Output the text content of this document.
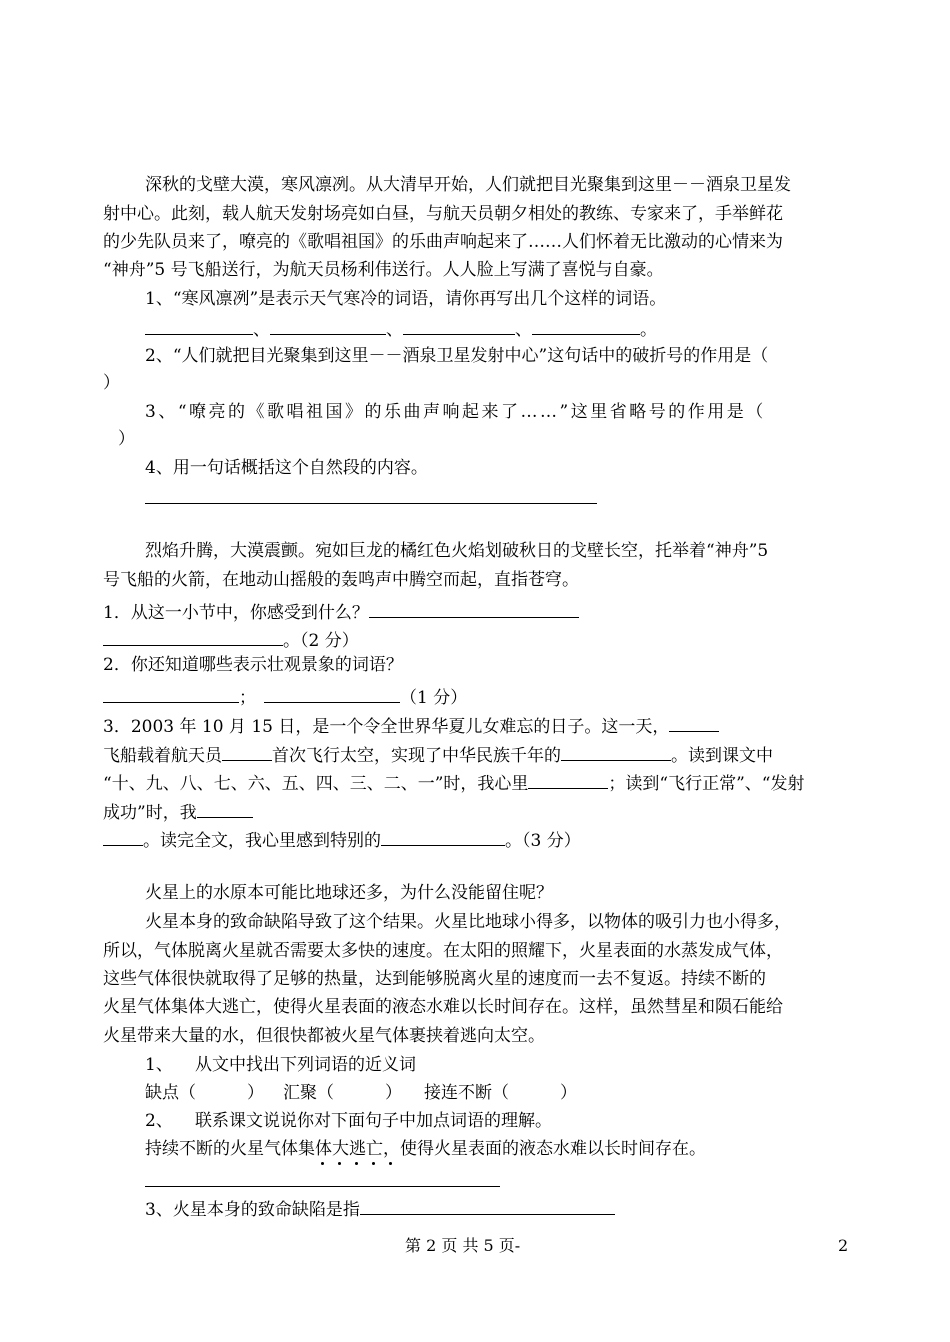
深秋的戈壁大漠，寒风凛冽。从大清早开始，人们就把目光聚集到这里－－酒泉卫星发
射中心。此刻，载人航天发射场亮如白昼，与航天员朝夕相处的教练、专家来了，手举鲜花
的少先队员来了，嘹亮的《歌唱祖国》的乐曲声响起来了……人们怀着无比激动的心情来为
“神舟”5 号飞船送行，为航天员杨利伟送行。人人脸上写满了喜悦与自豪。
1、“寒风凛冽”是表示天气寒冷的词语，请你再写出几个这样的词语。
、	、	、	。
2、“人们就把目光聚集到这里－－酒泉卫星发射中心”这句话中的破折号的作用是（
）
3、“嘹亮的《歌唱祖国》的乐曲声响起来了……”这里省略号的作用是（
）
4、用一句话概括这个自然段的内容。
烈焰升腾，大漠震颤。宛如巨龙的橘红色火焰划破秋日的戈壁长空，托举着“神舟”5
号飞船的火箭，在地动山摇般的轰鸣声中腾空而起，直指苍穹。
1．从这一小节中，你感受到什么？
。（2 分）
2．你还知道哪些表示壮观景象的词语？
；	（1 分）
3．2003 年 10 月 15 日，是一个令全世界华夏儿女难忘的日子。这一天，
飞船载着航天员	首次飞行太空，实现了中华民族千年的	。读到课文中
“十、九、八、七、六、五、四、三、二、一”时，我心里	；读到“飞行正常”、“发射
成功”时，我
。读完全文，我心里感到特别的	。（3 分）
火星上的水原本可能比地球还多，为什么没能留住呢？
火星本身的致命缺陷导致了这个结果。火星比地球小得多，以物体的吸引力也小得多，
所以，气体脱离火星就否需要太多快的速度。在太阳的照耀下，火星表面的水蒸发成气体，
这些气体很快就取得了足够的热量，达到能够脱离火星的速度而一去不复返。持续不断的
火星气体集体大逃亡，使得火星表面的液态水难以长时间存在。这样，虽然彗星和陨石能给
火星带来大量的水，但很快都被火星气体裹挟着逃向太空。
1、 从文中找出下列词语的近义词
缺点（　　　） 汇聚（　　　） 接连不断（　　　）
2、 联系课文说说你对下面句子中加点词语的理解。
持续不断的火星气体集体大逃亡，使得火星表面的液态水难以长时间存在。
3、火星本身的致命缺陷是指
第 2 页 共 5 页-	2
